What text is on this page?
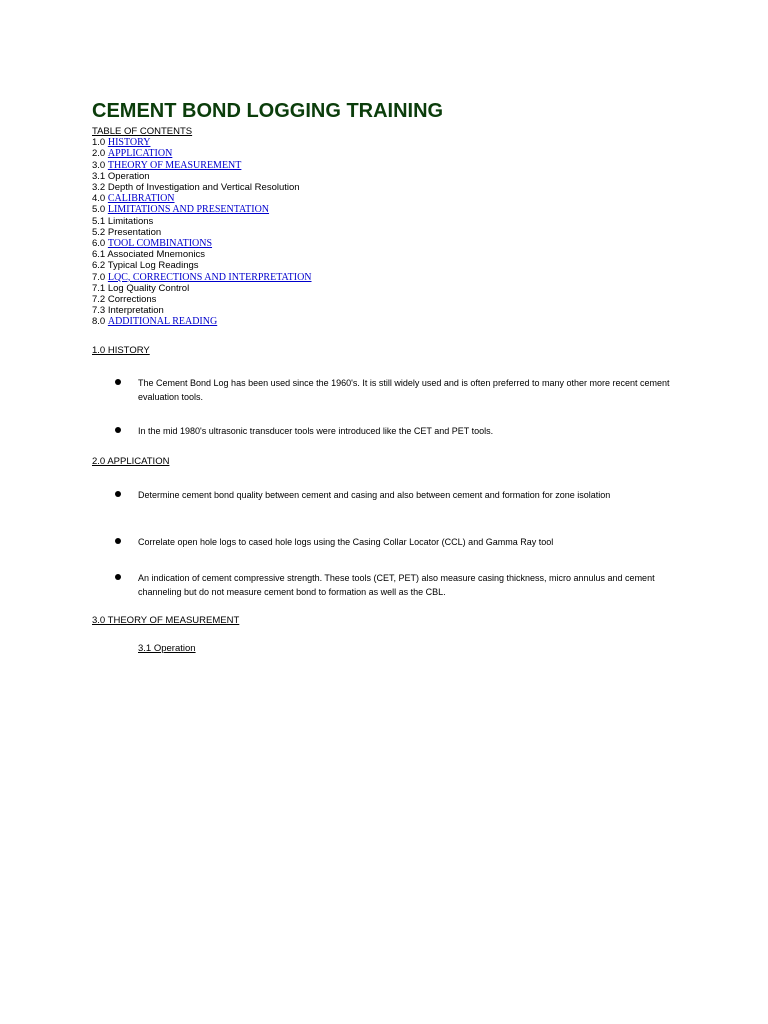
CEMENT BOND LOGGING TRAINING
TABLE OF CONTENTS
1.0 HISTORY
2.0 APPLICATION
3.0 THEORY OF MEASUREMENT
3.1 Operation
3.2 Depth of Investigation and Vertical Resolution
4.0 CALIBRATION
5.0 LIMITATIONS AND PRESENTATION
5.1 Limitations
5.2 Presentation
6.0 TOOL COMBINATIONS
6.1 Associated Mnemonics
6.2 Typical Log Readings
7.0 LQC, CORRECTIONS AND INTERPRETATION
7.1 Log Quality Control
7.2 Corrections
7.3 Interpretation
8.0 ADDITIONAL READING
1.0 HISTORY
The Cement Bond Log has been used since the 1960's. It is still widely used and is often preferred to many other more recent cement evaluation tools.
In the mid 1980's ultrasonic transducer tools were introduced like the CET and PET tools.
2.0 APPLICATION
Determine cement bond quality between cement and casing and also between cement and formation for zone isolation
Correlate open hole logs to cased hole logs using the Casing Collar Locator (CCL) and Gamma Ray tool
An indication of cement compressive strength. These tools (CET, PET) also measure casing thickness, micro annulus and cement channeling but do not measure cement bond to formation as well as the CBL.
3.0 THEORY OF MEASUREMENT
3.1 Operation
